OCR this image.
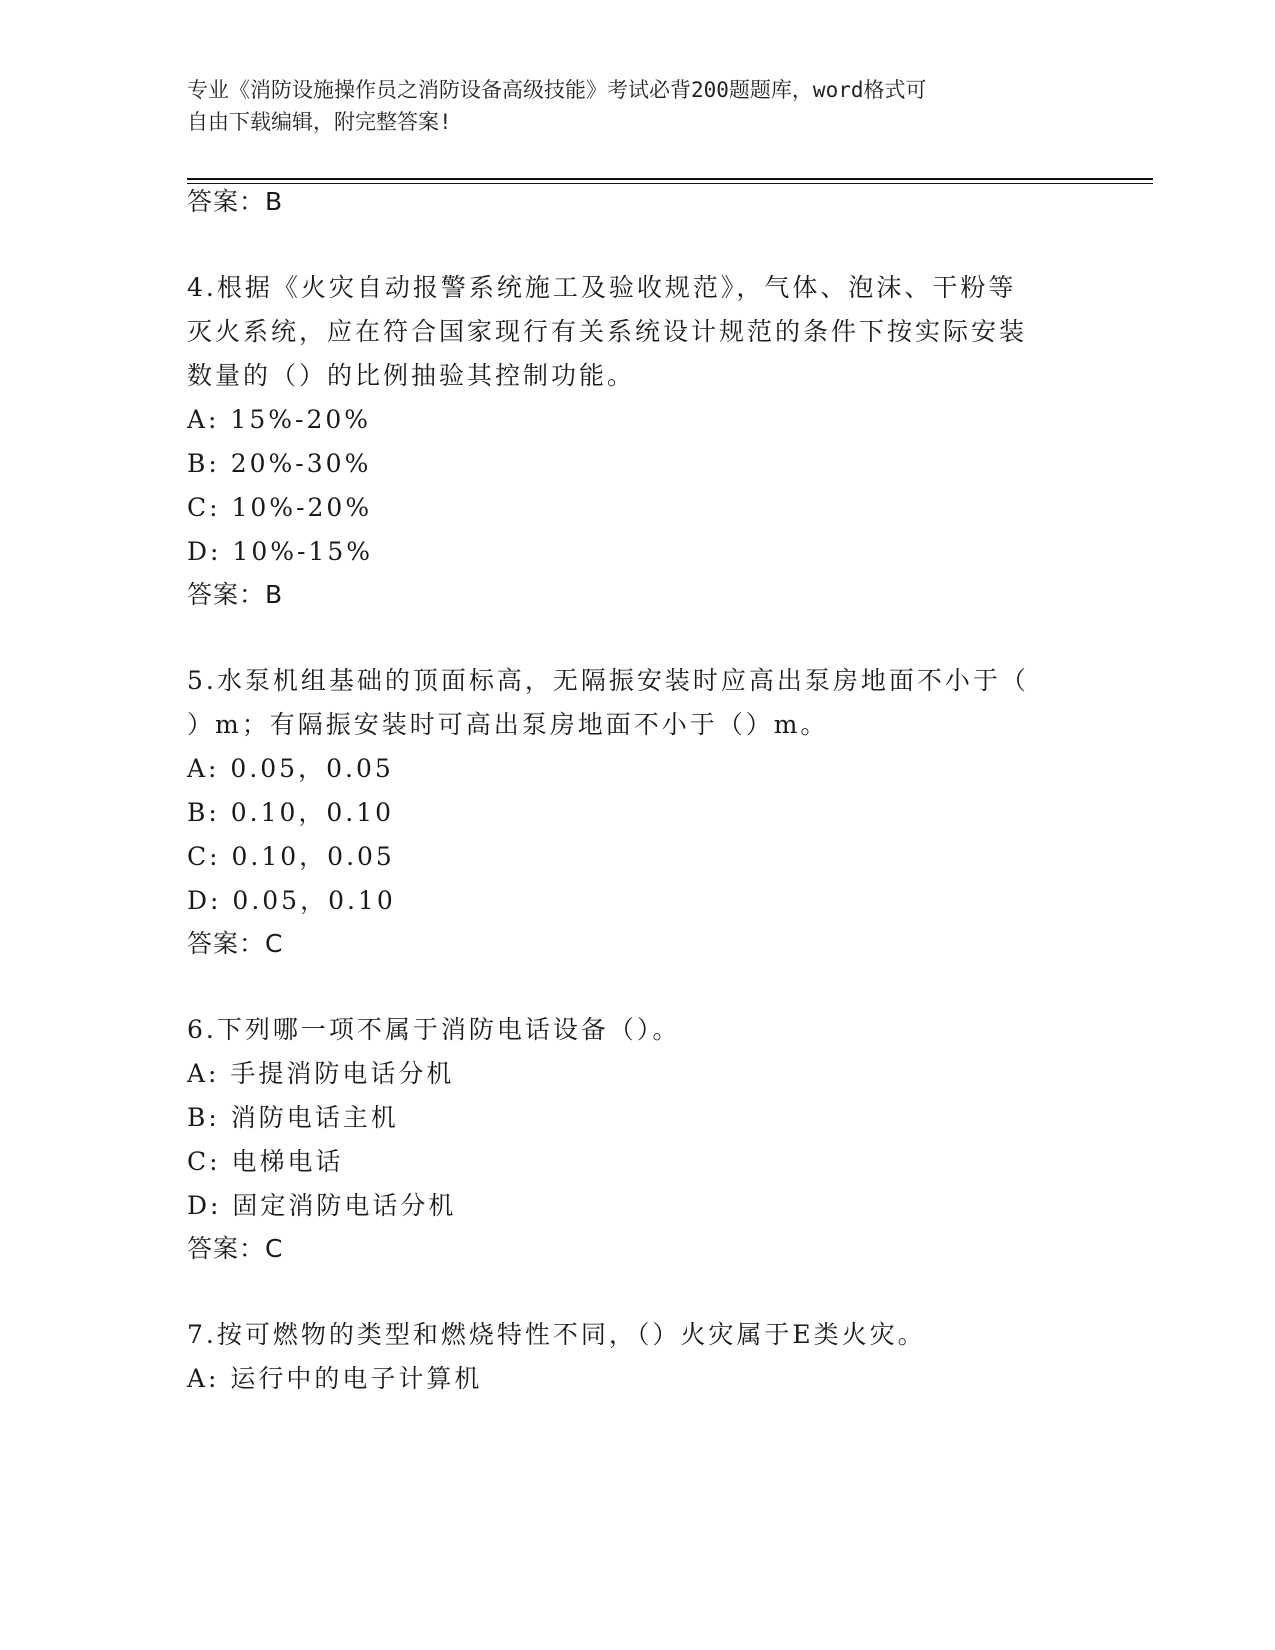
专业《消防设施操作员之消防设备高级技能》考试必背200题题库，word格式可
自由下载编辑，附完整答案!
答案：B
4.根据《火灾自动报警系统施工及验收规范》，气体、泡沫、干粉等
灭火系统，应在符合国家现行有关系统设计规范的条件下按实际安装
数量的（）的比例抽验其控制功能。
A: 15%-20%
B: 20%-30%
C: 10%-20%
D: 10%-15%
答案：B
5.水泵机组基础的顶面标高，无隔振安装时应高出泵房地面不小于（
）m；有隔振安装时可高出泵房地面不小于（）m。
A: 0.05，0.05
B: 0.10，0.10
C: 0.10，0.05
D: 0.05，0.10
答案：C
6.下列哪一项不属于消防电话设备（）。
A: 手提消防电话分机
B: 消防电话主机
C: 电梯电话
D: 固定消防电话分机
答案：C
7.按可燃物的类型和燃烧特性不同，（）火灾属于E类火灾。
A: 运行中的电子计算机
